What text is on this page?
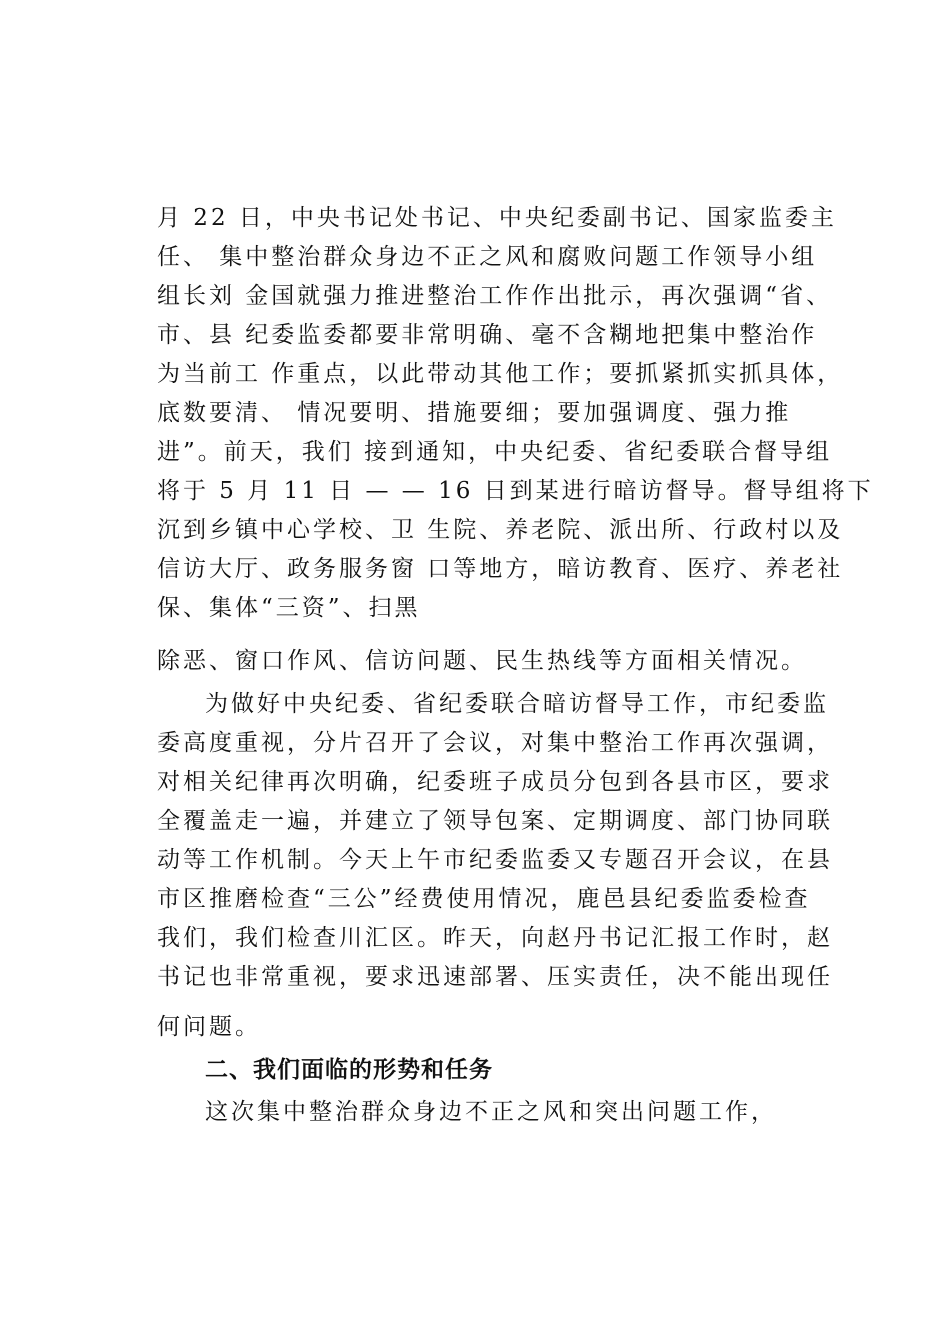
月 22 日，中央书记处书记、中央纪委副书记、国家监委主
任、 集中整治群众身边不正之风和腐败问题工作领导小组
组长刘 金国就强力推进整治工作作出批示，再次强调“省、
市、县 纪委监委都要非常明确、毫不含糊地把集中整治作
为当前工 作重点，以此带动其他工作；要抓紧抓实抓具体，
底数要清、 情况要明、措施要细；要加强调度、强力推
进”。前天，我们 接到通知，中央纪委、省纪委联合督导组
将于 5 月 11 日 — — 16 日到某进行暗访督导。督导组将下
沉到乡镇中心学校、卫 生院、养老院、派出所、行政村以及
信访大厅、政务服务窗 口等地方，暗访教育、医疗、养老社
保、集体“三资”、扫黑
除恶、窗口作风、信访问题、民生热线等方面相关情况。
为做好中央纪委、省纪委联合暗访督导工作，市纪委监
委高度重视，分片召开了会议，对集中整治工作再次强调，
对相关纪律再次明确，纪委班子成员分包到各县市区，要求
全覆盖走一遍，并建立了领导包案、定期调度、部门协同联
动等工作机制。今天上午市纪委监委又专题召开会议，在县
市区推磨检查“三公”经费使用情况，鹿邑县纪委监委检查
我们，我们检查川汇区。昨天，向赵丹书记汇报工作时，赵
书记也非常重视，要求迅速部署、压实责任，决不能出现任
何问题。
二、我们面临的形势和任务
这次集中整治群众身边不正之风和突出问题工作，
